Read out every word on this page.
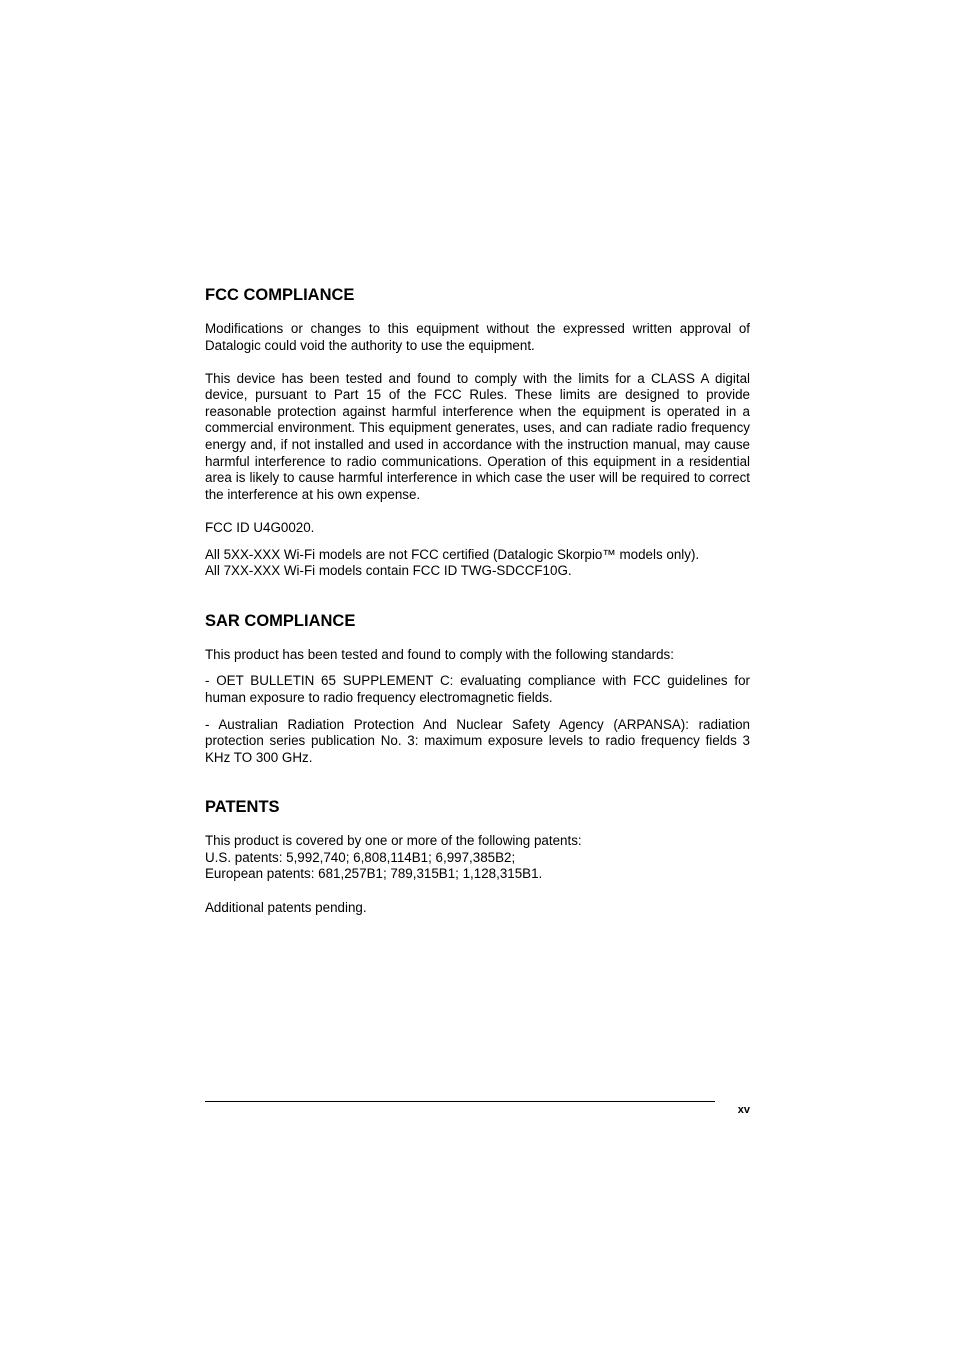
FCC COMPLIANCE

Modifications or changes to this equipment without the expressed written approval of Datalogic could void the authority to use the equipment.

This device has been tested and found to comply with the limits for a CLASS A digital device, pursuant to Part 15 of the FCC Rules. These limits are designed to provide reasonable protection against harmful interference when the equipment is operated in a commercial environment. This equipment generates, uses, and can radiate radio frequency energy and, if not installed and used in accordance with the instruction manual, may cause harmful interference to radio communications. Operation of this equipment in a residential area is likely to cause harmful interference in which case the user will be required to correct the interference at his own expense.

FCC ID U4G0020.

All 5XX-XXX Wi-Fi models are not FCC certified (Datalogic Skorpio™ models only).
All 7XX-XXX Wi-Fi models contain FCC ID TWG-SDCCF10G.

SAR COMPLIANCE

This product has been tested and found to comply with the following standards:

- OET BULLETIN 65 SUPPLEMENT C: evaluating compliance with FCC guidelines for human exposure to radio frequency electromagnetic fields.

- Australian Radiation Protection And Nuclear Safety Agency (ARPANSA): radiation protection series publication No. 3: maximum exposure levels to radio frequency fields 3 KHz TO 300 GHz.

PATENTS

This product is covered by one or more of the following patents:
U.S. patents: 5,992,740; 6,808,114B1; 6,997,385B2;
European patents: 681,257B1; 789,315B1; 1,128,315B1.

Additional patents pending.

xv
